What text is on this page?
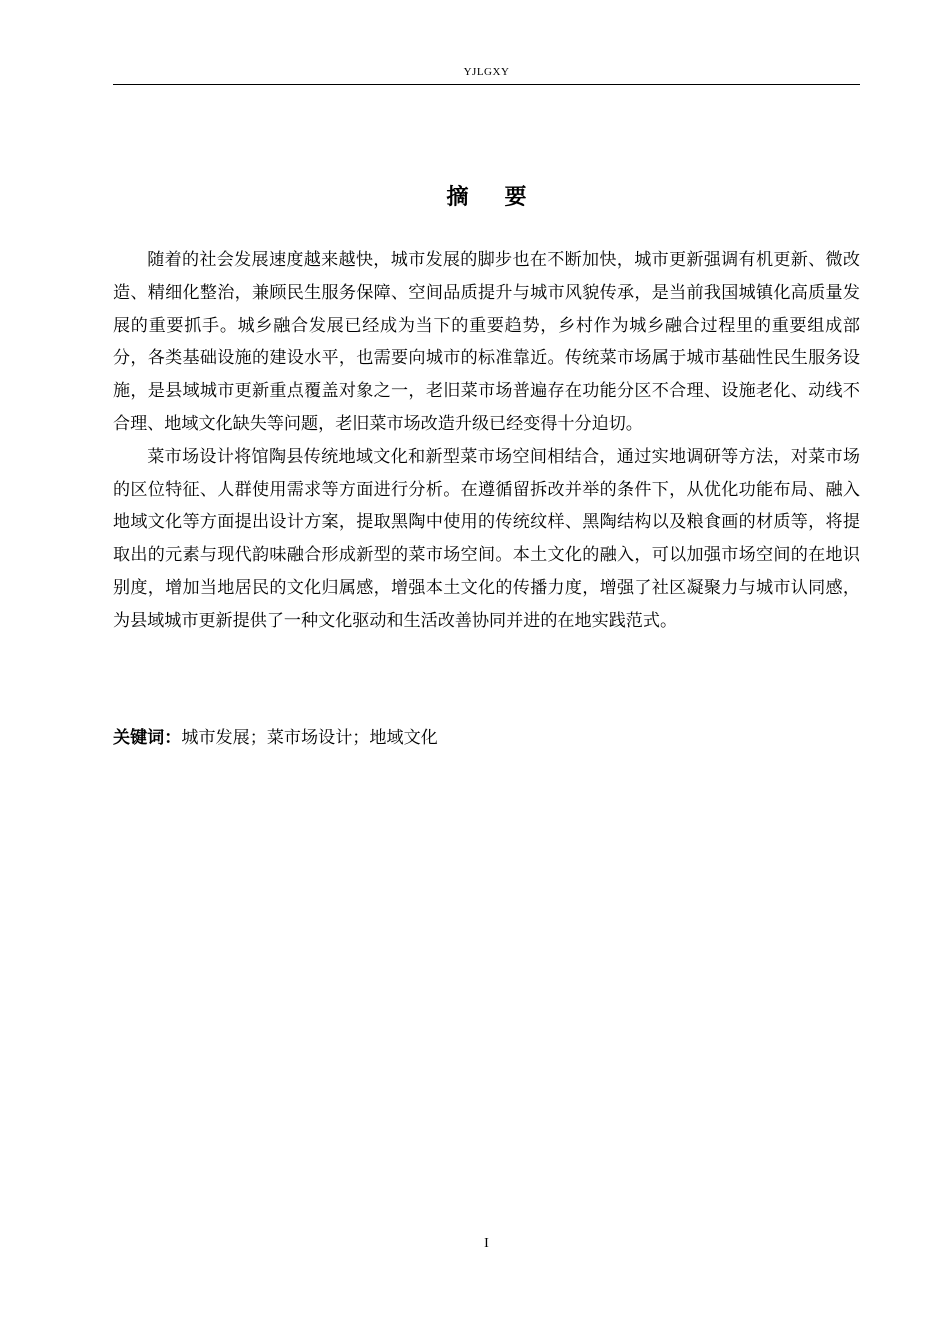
YJLGXY
摘要

随着的社会发展速度越来越快，城市发展的脚步也在不断加快，城市更新强调有机更新、微改造、精细化整治，兼顾民生服务保障、空间品质提升与城市风貌传承，是当前我国城镇化高质量发展的重要抓手。城乡融合发展已经成为当下的重要趋势，乡村作为城乡融合过程里的重要组成部分，各类基础设施的建设水平，也需要向城市的标准靠近。传统菜市场属于城市基础性民生服务设施，是县域城市更新重点覆盖对象之一，老旧菜市场普遍存在功能分区不合理、设施老化、动线不合理、地域文化缺失等问题，老旧菜市场改造升级已经变得十分迫切。

菜市场设计将馆陶县传统地域文化和新型菜市场空间相结合，通过实地调研等方法，对菜市场的区位特征、人群使用需求等方面进行分析。在遵循留拆改并举的条件下，从优化功能布局、融入地域文化等方面提出设计方案，提取黑陶中使用的传统纹样、黑陶结构以及粮食画的材质等，将提取出的元素与现代韵味融合形成新型的菜市场空间。本土文化的融入，可以加强市场空间的在地识别度，增加当地居民的文化归属感，增强本土文化的传播力度，增强了社区凝聚力与城市认同感，为县域城市更新提供了一种文化驱动和生活改善协同并进的在地实践范式。

关键词：城市发展；菜市场设计；地域文化
I
